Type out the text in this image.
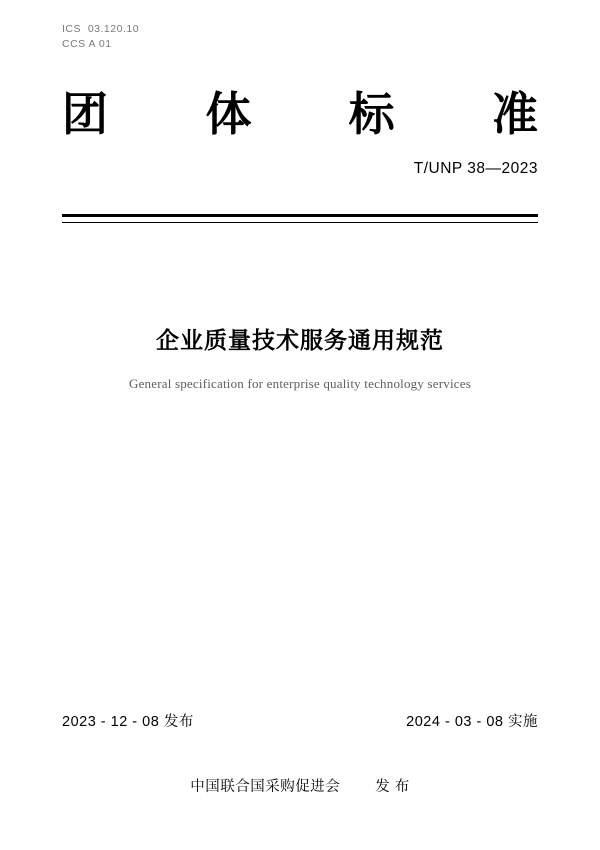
ICS  03.120.10
CCS A 01
团 体 标 准
T/UNP 38—2023
企业质量技术服务通用规范
General specification for enterprise quality technology services
2023 - 12 - 08 发布	2024 - 03 - 08 实施
中国联合国采购促进会 发 布
